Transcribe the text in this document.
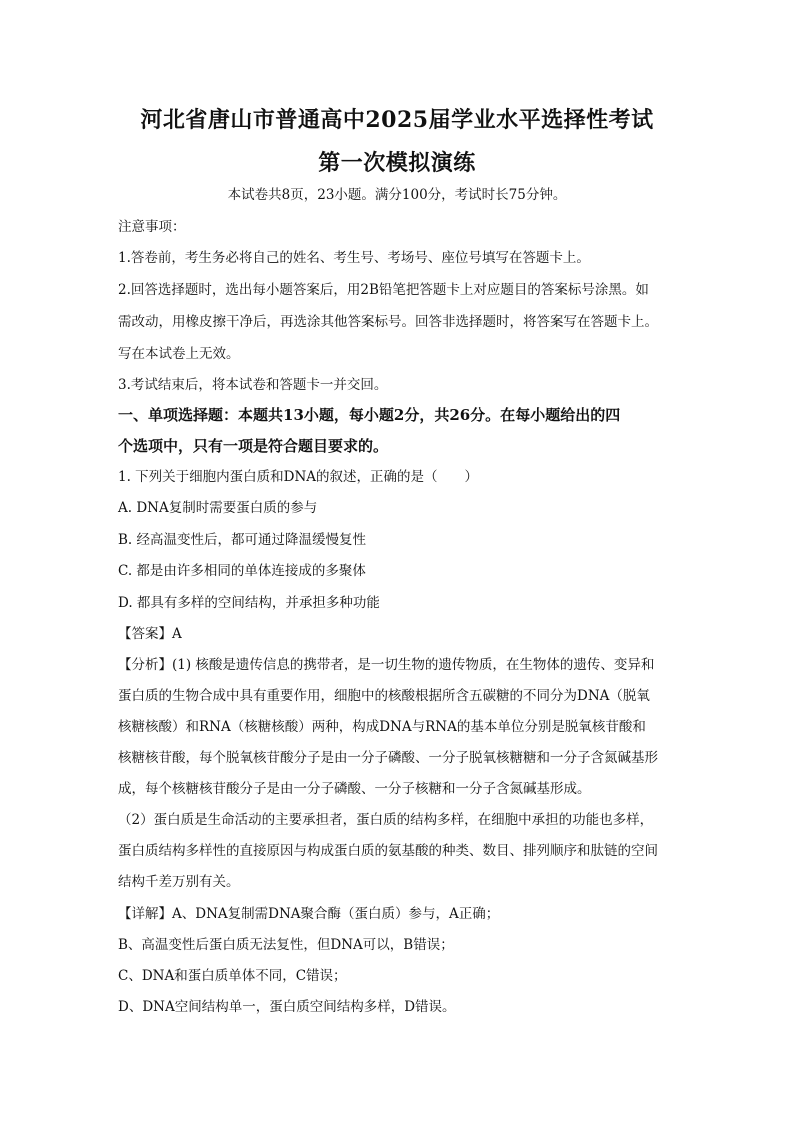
河北省唐山市普通高中2025届学业水平选择性考试
第一次模拟演练
本试卷共8页，23小题。满分100分，考试时长75分钟。
注意事项：
1.答卷前，考生务必将自己的姓名、考生号、考场号、座位号填写在答题卡上。
2.回答选择题时，选出每小题答案后，用2B铅笔把答题卡上对应题目的答案标号涂黑。如
需改动，用橡皮擦干净后，再选涂其他答案标号。回答非选择题时，将答案写在答题卡上。
写在本试卷上无效。
3.考试结束后，将本试卷和答题卡一并交回。
一、单项选择题：本题共13小题，每小题2分，共26分。在每小题给出的四
个选项中，只有一项是符合题目要求的。
1. 下列关于细胞内蛋白质和DNA的叙述，正确的是（　　）
A. DNA复制时需要蛋白质的参与
B. 经高温变性后，都可通过降温缓慢复性
C. 都是由许多相同的单体连接成的多聚体
D. 都具有多样的空间结构，并承担多种功能
【答案】A
【分析】(1) 核酸是遗传信息的携带者，是一切生物的遗传物质，在生物体的遗传、变异和
蛋白质的生物合成中具有重要作用，细胞中的核酸根据所含五碳糖的不同分为DNA（脱氧
核糖核酸）和RNA（核糖核酸）两种，构成DNA与RNA的基本单位分别是脱氧核苷酸和
核糖核苷酸，每个脱氧核苷酸分子是由一分子磷酸、一分子脱氧核糖糖和一分子含氮碱基形
成，每个核糖核苷酸分子是由一分子磷酸、一分子核糖和一分子含氮碱基形成。
（2）蛋白质是生命活动的主要承担者，蛋白质的结构多样，在细胞中承担的功能也多样，
蛋白质结构多样性的直接原因与构成蛋白质的氨基酸的种类、数目、排列顺序和肽链的空间
结构千差万别有关。
【详解】A、DNA复制需DNA聚合酶（蛋白质）参与，A正确；
B、高温变性后蛋白质无法复性，但DNA可以，B错误；
C、DNA和蛋白质单体不同，C错误；
D、DNA空间结构单一，蛋白质空间结构多样，D错误。
